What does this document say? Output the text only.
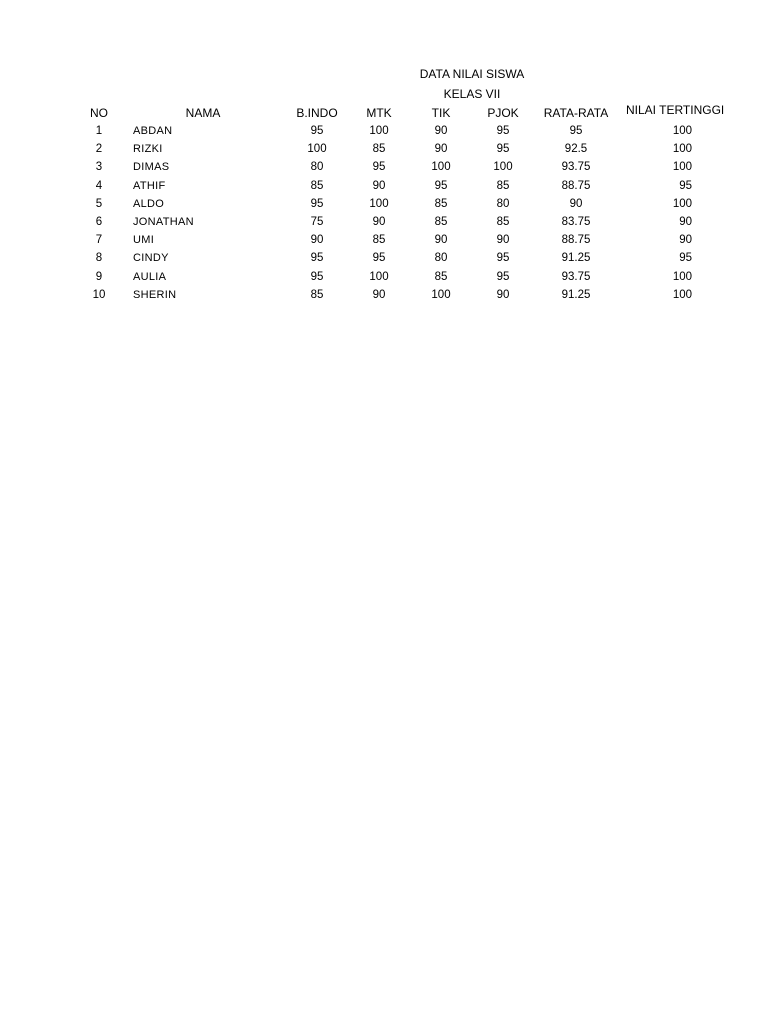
DATA NILAI SISWA
KELAS VII
NO	NAMA	B.INDO	MTK	TIK	PJOK	RATA-RATA	NILAI TERTINGGI
1	ABDAN	95	100	90	95	95	100
2	RIZKI	100	85	90	95	92.5	100
3	DIMAS	80	95	100	100	93.75	100
4	ATHIF	85	90	95	85	88.75	95
5	ALDO	95	100	85	80	90	100
6	JONATHAN	75	90	85	85	83.75	90
7	UMI	90	85	90	90	88.75	90
8	CINDY	95	95	80	95	91.25	95
9	AULIA	95	100	85	95	93.75	100
10	SHERIN	85	90	100	90	91.25	100
